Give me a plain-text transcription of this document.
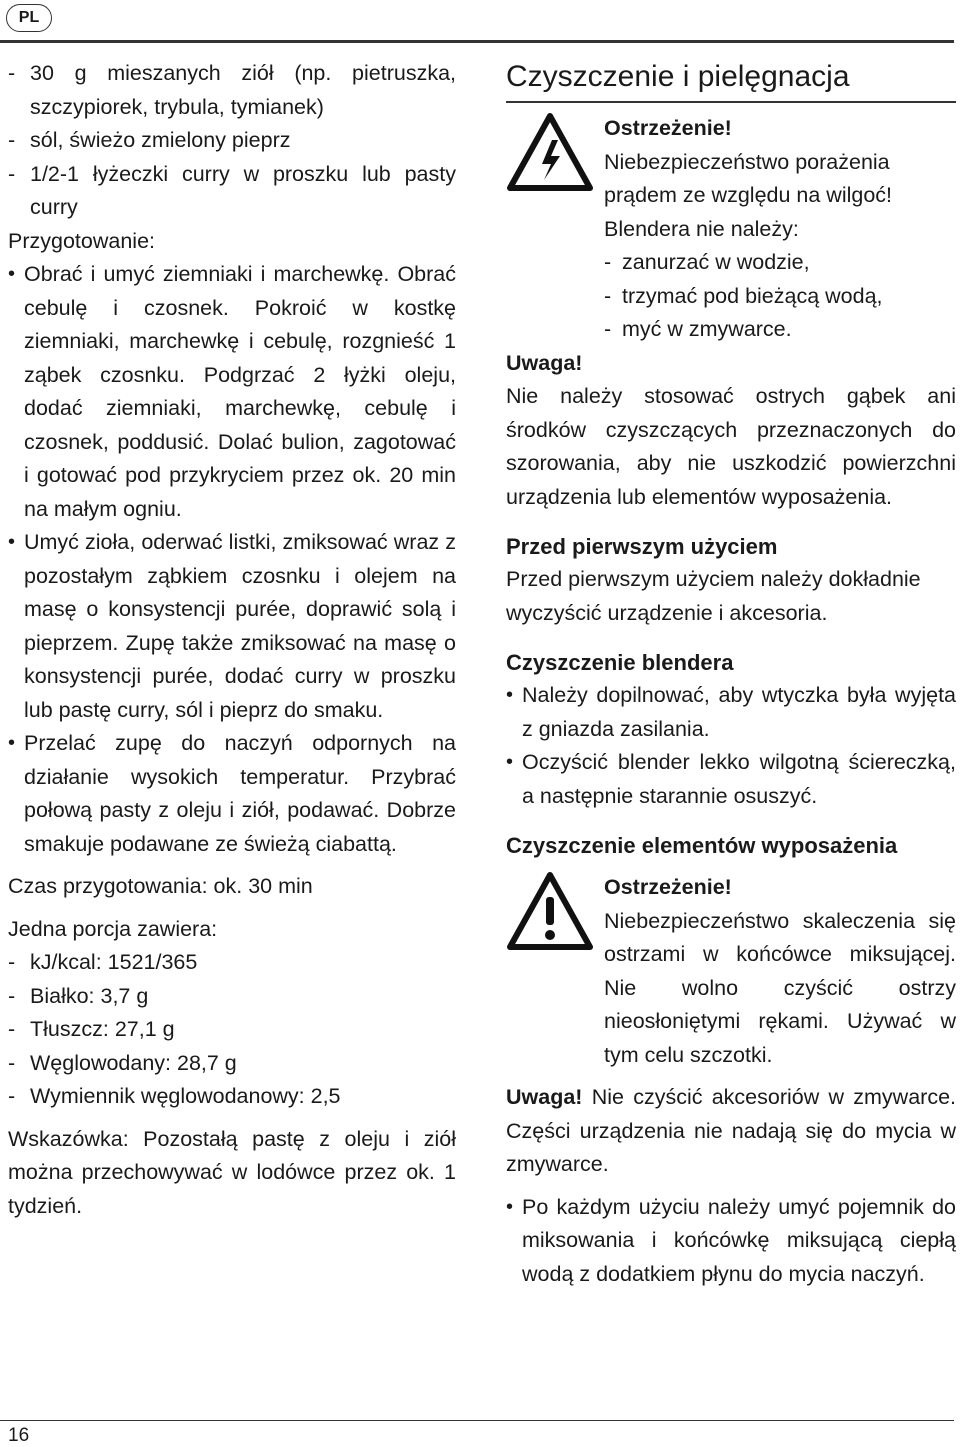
PL
- 30 g mieszanych ziół (np. pietruszka, szczypiorek, trybula, tymianek)
- sól, świeżo zmielony pieprz
- 1/2-1 łyżeczki curry w proszku lub pasty curry

Przygotowanie:

• Obrać i umyć ziemniaki i marchewkę. Obrać cebulę i czosnek. Pokroić w kostkę ziemniaki, marchewkę i cebulę, rozgnieść 1 ząbek czosnku. Podgrzać 2 łyżki oleju, dodać ziemniaki, marchewkę, cebulę i czosnek, poddusić. Dolać bulion, zagotować i gotować pod przykryciem przez ok. 20 min na małym ogniu.
• Umyć zioła, oderwać listki, zmiksować wraz z pozostałym ząbkiem czosnku i olejem na masę o konsystencji purée, doprawić solą i pieprzem. Zupę także zmiksować na masę o konsystencji purée, dodać curry w proszku lub pastę curry, sól i pieprz do smaku.
• Przelać zupę do naczyń odpornych na działanie wysokich temperatur. Przybrać połową pasty z oleju i ziół, podawać. Dobrze smakuje podawane ze świeżą ciabattą.

Czas przygotowania: ok. 30 min

Jedna porcja zawiera:

- kJ/kcal: 1521/365
- Białko: 3,7 g
- Tłuszcz: 27,1 g
- Węglowodany: 28,7 g
- Wymiennik węglowodanowy: 2,5

Wskazówka: Pozostałą pastę z oleju i ziół można przechowywać w lodówce przez ok. 1 tydzień.

Czyszczenie i pielęgnacja

Ostrzeżenie!

Niebezpieczeństwo porażenia prądem ze względu na wilgoć!

Blendera nie należy:

- zanurzać w wodzie,
- trzymać pod bieżącą wodą,
- myć w zmywarce.

Uwaga!

Nie należy stosować ostrych gąbek ani środków czyszczących przeznaczonych do szorowania, aby nie uszkodzić powierzchni urządzenia lub elementów wyposażenia.

Przed pierwszym użyciem

Przed pierwszym użyciem należy dokładnie wyczyścić urządzenie i akcesoria.

Czyszczenie blendera
• Należy dopilnować, aby wtyczka była wyjęta z gniazda zasilania.
• Oczyścić blender lekko wilgotną ściereczką, a następnie starannie osuszyć.
Czyszczenie elementów wyposażenia

Ostrzeżenie!

Niebezpieczeństwo skaleczenia się ostrzami w końcówce miksującej. Nie wolno czyścić ostrzy nieosłoniętymi rękami. Używać w tym celu szczotki.

Uwaga! Nie czyścić akcesoriów w zmywarce. Części urządzenia nie nadają się do mycia w zmywarce.

• Po każdym użyciu należy umyć pojemnik do miksowania i końcówkę miksującą ciepłą wodą z dodatkiem płynu do mycia naczyń.
16
